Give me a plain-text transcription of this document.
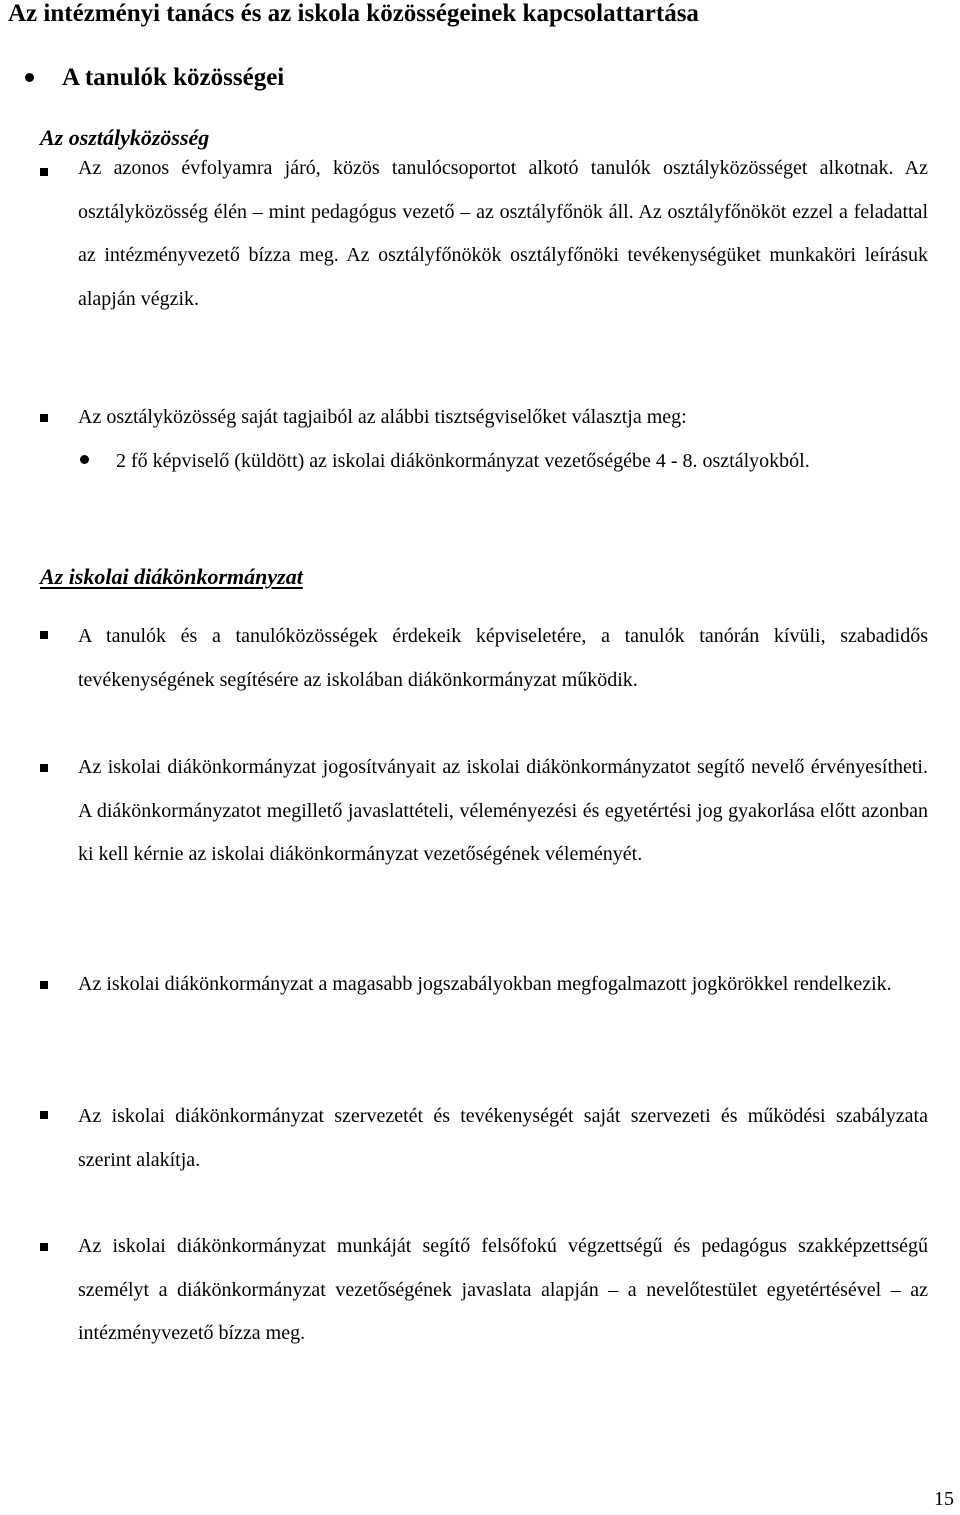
Az intézményi tanács és az iskola közösségeinek kapcsolattartása
A tanulók közösségei
Az osztályközösség

Az azonos évfolyamra járó, közös tanulócsoportot alkotó tanulók osztályközösséget alkotnak. Az osztályközösség élén – mint pedagógus vezető – az osztályfőnök áll. Az osztályfőnököt ezzel a feladattal az intézményvezető bízza meg. Az osztályfőnökök osztályfőnöki tevékenységüket munkaköri leírásuk alapján végzik.

Az osztályközösség saját tagjaiból az alábbi tisztségviselőket választja meg:

2 fő képviselő (küldött) az iskolai diákönkormányzat vezetőségébe 4 - 8. osztályokból.

Az iskolai diákönkormányzat

A tanulók és a tanulóközösségek érdekeik képviseletére, a tanulók tanórán kívüli, szabadidős tevékenységének segítésére az iskolában diákönkormányzat működik.

Az iskolai diákönkormányzat jogosítványait az iskolai diákönkormányzatot segítő nevelő érvényesítheti. A diákönkormányzatot megillető javaslattételi, véleményezési és egyetértési jog gyakorlása előtt azonban ki kell kérnie az iskolai diákönkormányzat vezetőségének véleményét.

Az iskolai diákönkormányzat a magasabb jogszabályokban megfogalmazott jogkörökkel rendelkezik.

Az iskolai diákönkormányzat szervezetét és tevékenységét saját szervezeti és működési szabályzata szerint alakítja.

Az iskolai diákönkormányzat munkáját segítő felsőfokú végzettségű és pedagógus szakképzettségű személyt a diákönkormányzat vezetőségének javaslata alapján – a nevelőtestület egyetértésével – az intézményvezető bízza meg.

15
